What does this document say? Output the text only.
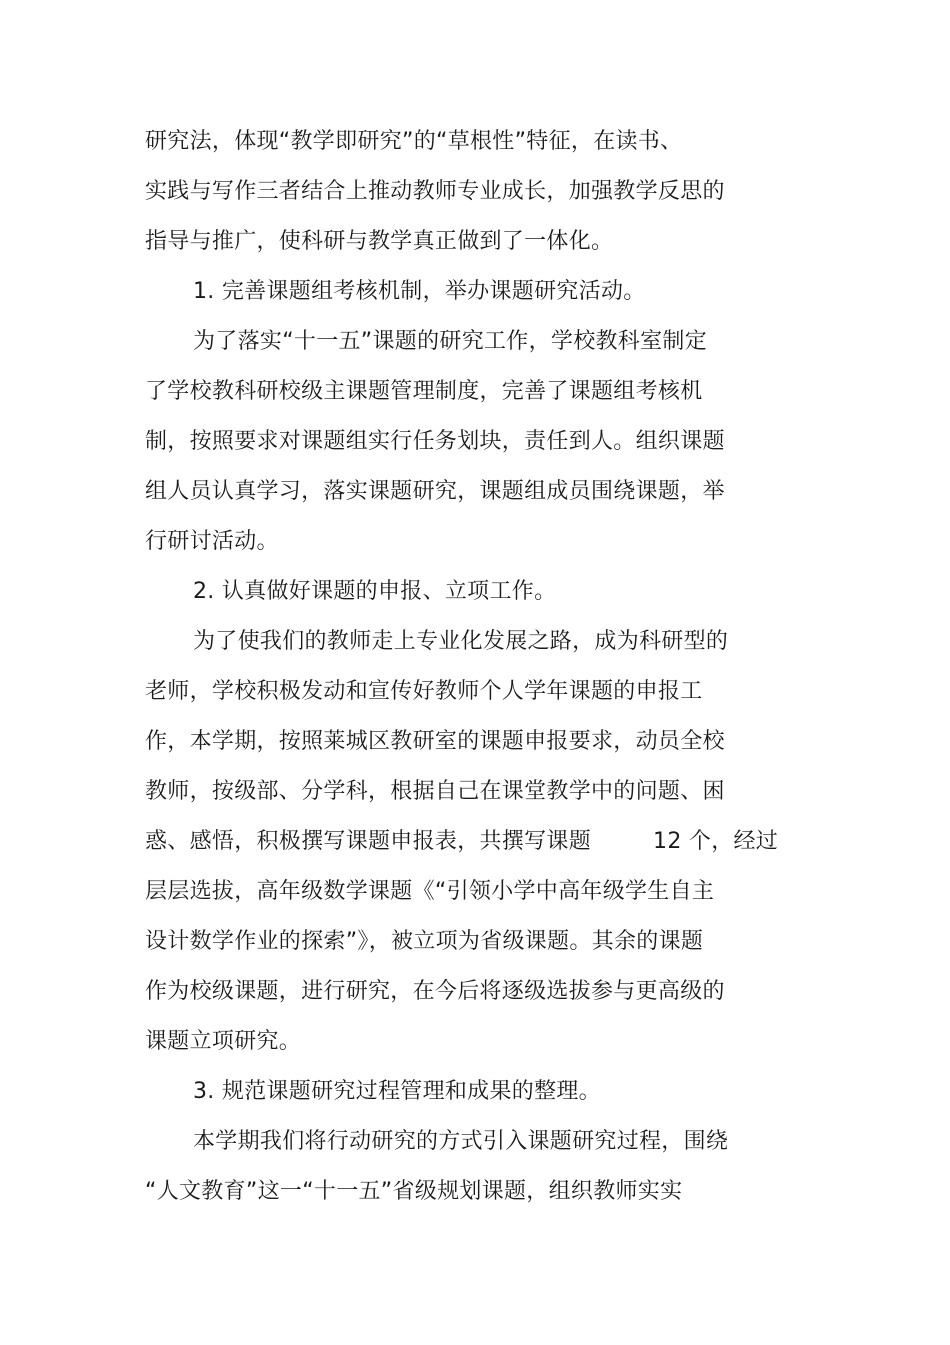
研究法，体现“教学即研究”的“草根性”特征，在读书、
实践与写作三者结合上推动教师专业成长，加强教学反思的
指导与推广，使科研与教学真正做到了一体化。
1. 完善课题组考核机制，举办课题研究活动。
为了落实“十一五”课题的研究工作，学校教科室制定
了学校教科研校级主课题管理制度，完善了课题组考核机
制，按照要求对课题组实行任务划块，责任到人。组织课题
组人员认真学习，落实课题研究，课题组成员围绕课题，举
行研讨活动。
2. 认真做好课题的申报、立项工作。
为了使我们的教师走上专业化发展之路，成为科研型的
老师，学校积极发动和宣传好教师个人学年课题的申报工
作，本学期，按照莱城区教研室的课题申报要求，动员全校
教师，按级部、分学科，根据自己在课堂教学中的问题、困
惑、感悟，积极撰写课题申报表，共撰写课题	12 个，经过
层层选拔，高年级数学课题《“引领小学中高年级学生自主
设计数学作业的探索”》，被立项为省级课题。其余的课题
作为校级课题，进行研究，在今后将逐级选拔参与更高级的
课题立项研究。
3. 规范课题研究过程管理和成果的整理。
本学期我们将行动研究的方式引入课题研究过程，围绕
“人文教育”这一“十一五”省级规划课题，组织教师实实
